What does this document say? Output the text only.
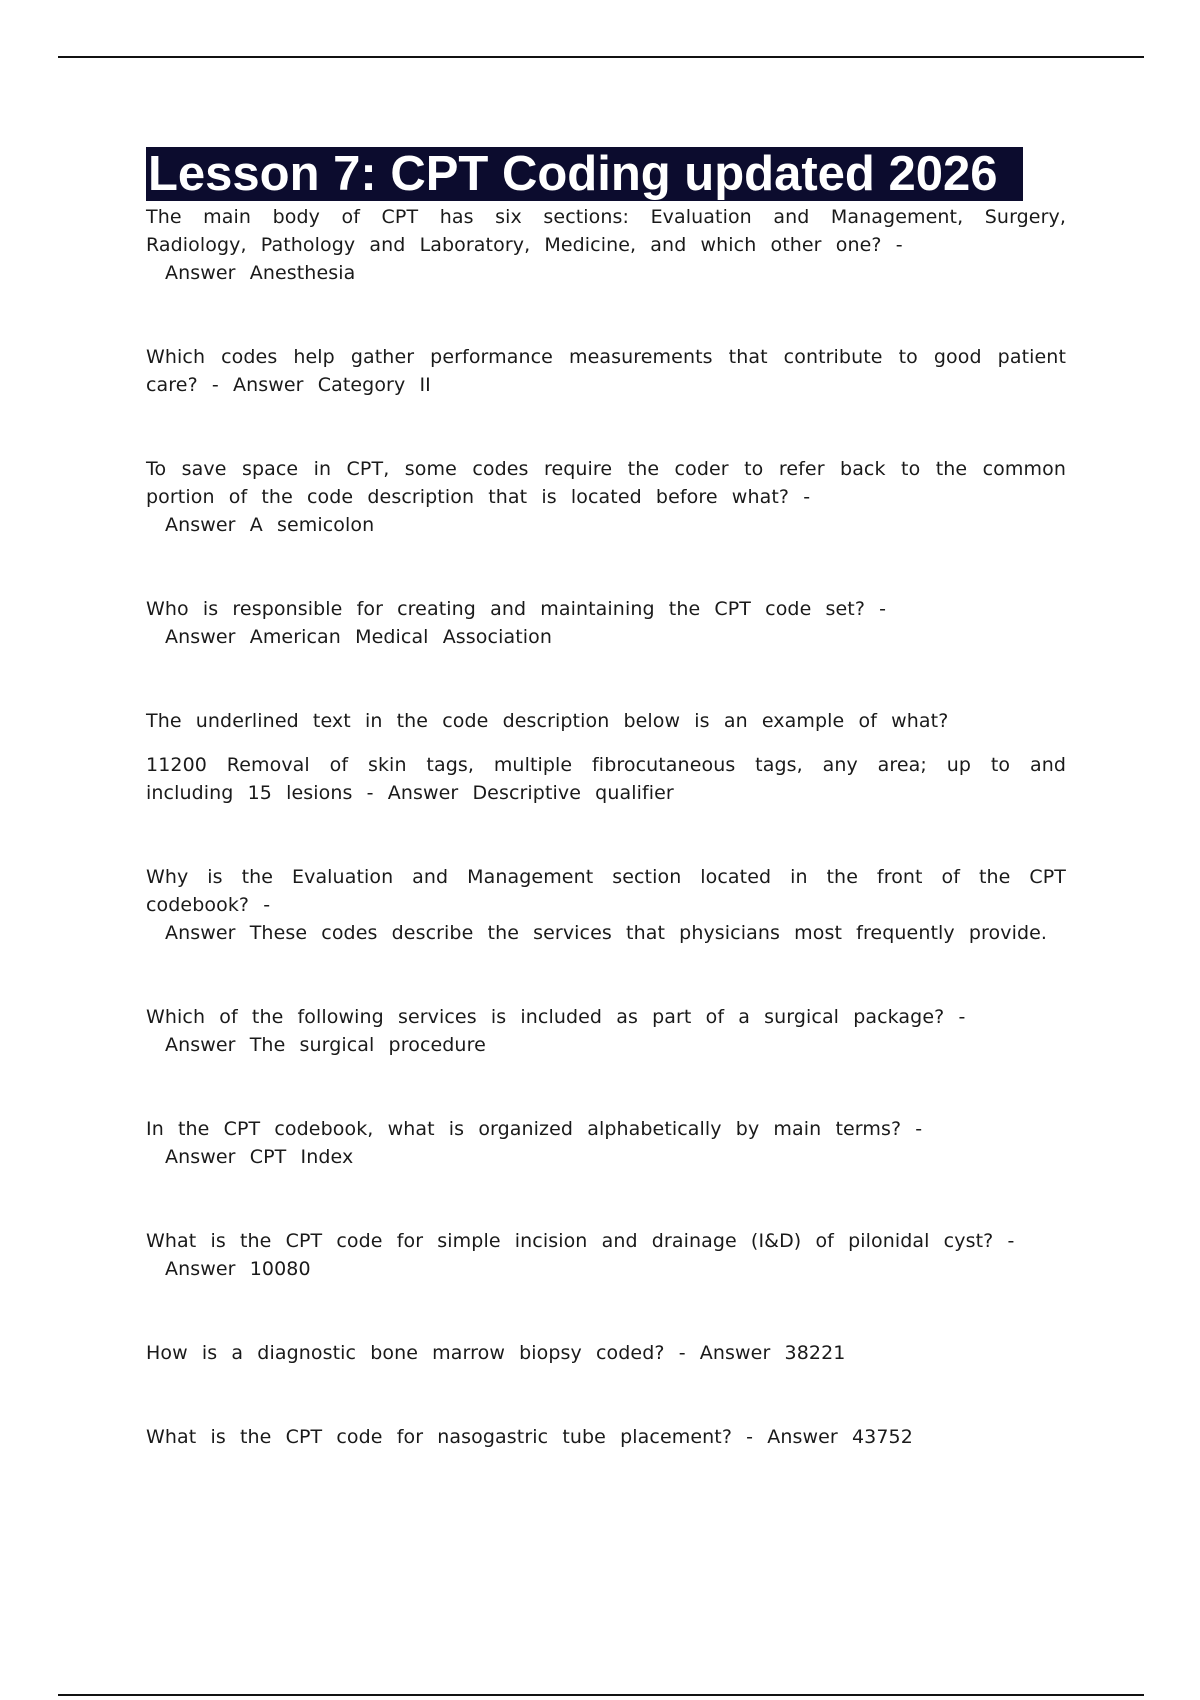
Lesson 7: CPT Coding updated 2026

The main body of CPT has six sections: Evaluation and Management, Surgery, Radiology, Pathology and Laboratory, Medicine, and which other one? -
Answer Anesthesia

Which codes help gather performance measurements that contribute to good patient care? - Answer Category II

To save space in CPT, some codes require the coder to refer back to the common portion of the code description that is located before what? -
Answer A semicolon

Who is responsible for creating and maintaining the CPT code set? -
Answer American Medical Association

The underlined text in the code description below is an example of what?
11200 Removal of skin tags, multiple fibrocutaneous tags, any area; up to and including 15 lesions - Answer Descriptive qualifier

Why is the Evaluation and Management section located in the front of the CPT codebook? -
Answer These codes describe the services that physicians most frequently provide.

Which of the following services is included as part of a surgical package? -
Answer The surgical procedure

In the CPT codebook, what is organized alphabetically by main terms? -
Answer CPT Index

What is the CPT code for simple incision and drainage (I&D) of pilonidal cyst? -
Answer 10080

How is a diagnostic bone marrow biopsy coded? - Answer 38221

What is the CPT code for nasogastric tube placement? - Answer 43752
